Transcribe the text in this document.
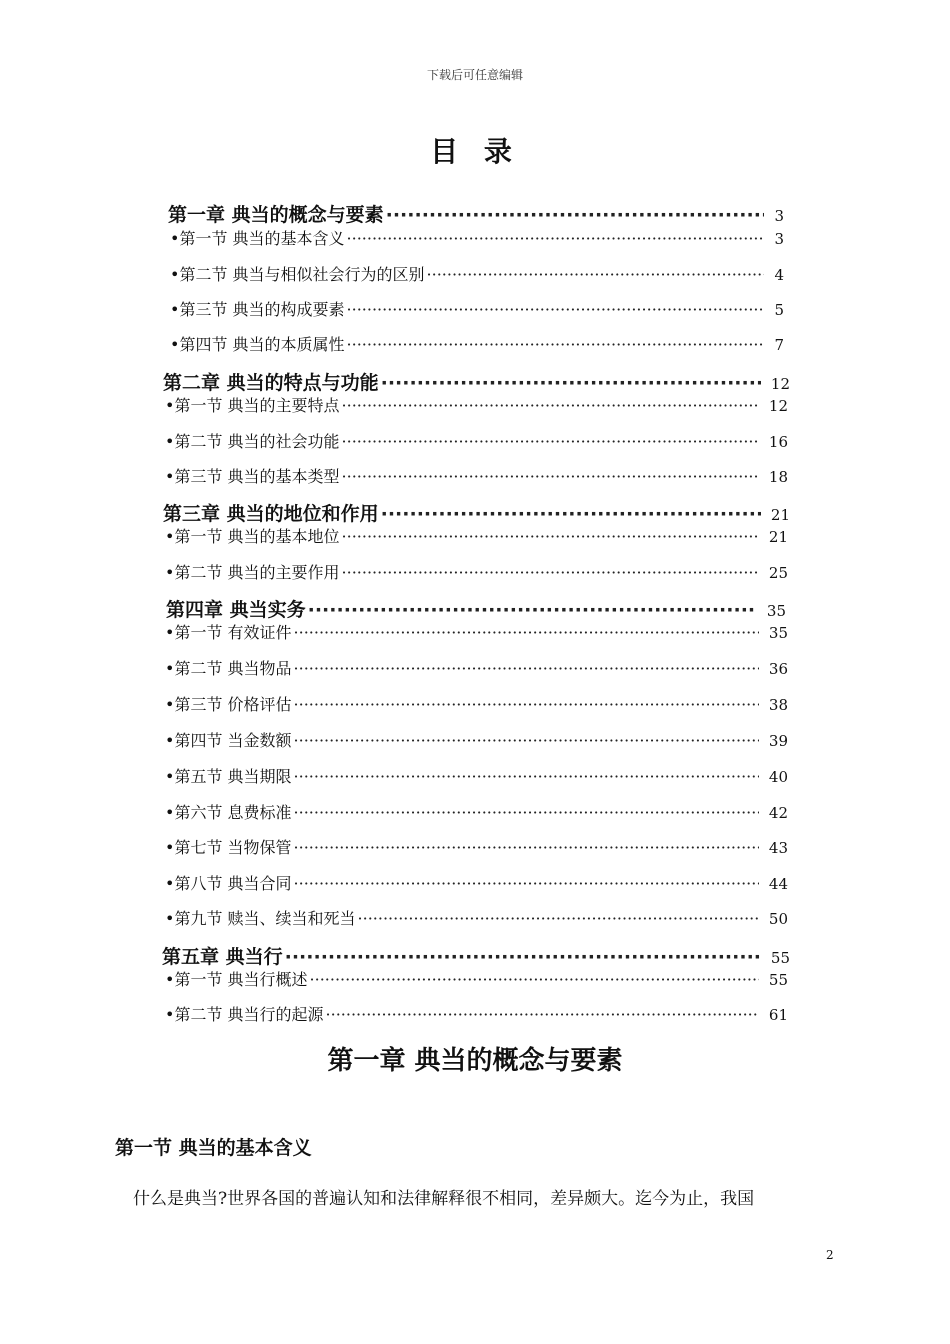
下载后可任意编辑
目 录
第一章 典当的概念与要素 ·····	3
•第一节 典当的基本含义 ·····	3
•第二节 典当与相似社会行为的区别 ·····	4
•第三节 典当的构成要素 ·····	5
•第四节 典当的本质属性 ·····	7
第二章 典当的特点与功能 ·····	12
•第一节 典当的主要特点 ·····	12
•第二节 典当的社会功能 ·····	16
•第三节 典当的基本类型 ·····	18
第三章 典当的地位和作用 ·····	21
•第一节 典当的基本地位 ·····	21
•第二节 典当的主要作用 ·····	25
第四章 典当实务 ·····	35
•第一节 有效证件 ·····	35
•第二节 典当物品 ·····	36
•第三节 价格评估 ·····	38
•第四节 当金数额 ·····	39
•第五节 典当期限 ·····	40
•第六节 息费标准 ·····	42
•第七节 当物保管 ·····	43
•第八节 典当合同 ·····	44
•第九节 赎当、续当和死当 ·····	50
第五章 典当行 ·····	55
•第一节 典当行概述 ·····	55
•第二节 典当行的起源 ·····	61
第一章 典当的概念与要素
第一节 典当的基本含义
什么是典当?世界各国的普遍认知和法律解释很不相同，差异颇大。迄今为止，我国
2
